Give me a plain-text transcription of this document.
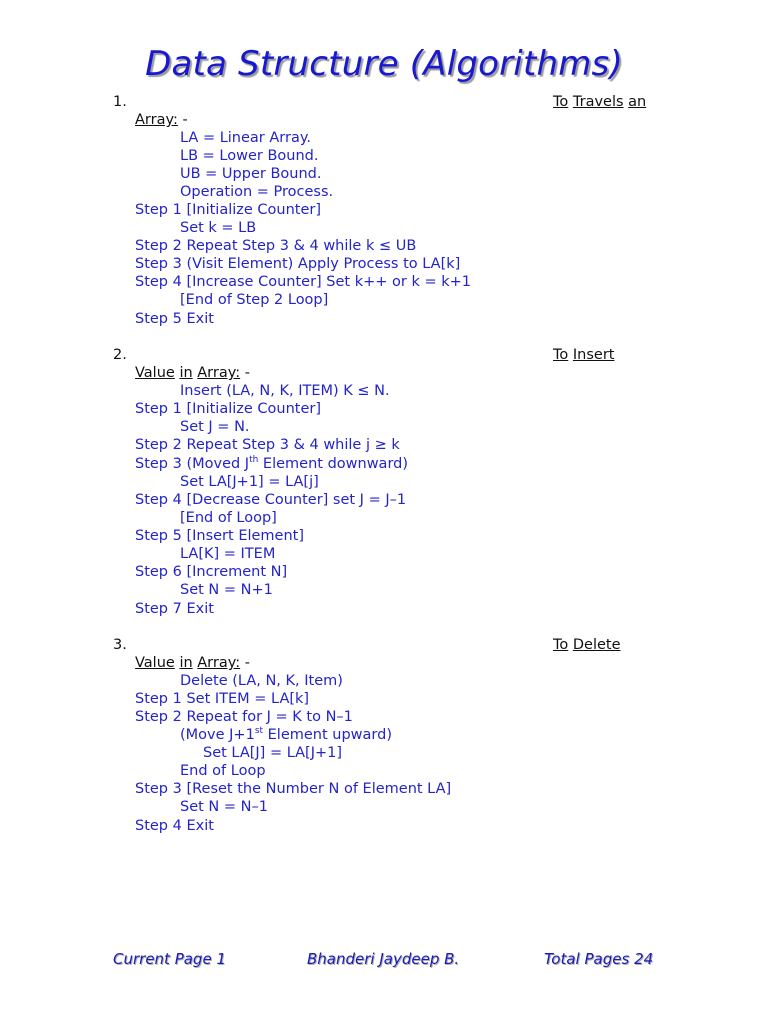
Data Structure (Algorithms)
1.	To Travels an
Array: -
LA = Linear Array.
LB = Lower Bound.
UB = Upper Bound.
Operation = Process.
Step 1 [Initialize Counter]
Set k = LB
Step 2 Repeat Step 3 & 4 while k ≤ UB
Step 3 (Visit Element) Apply Process to LA[k]
Step 4 [Increase Counter] Set k++ or k = k+1
[End of Step 2 Loop]
Step 5 Exit
2.	To Insert
Value in Array: -
Insert (LA, N, K, ITEM) K ≤ N.
Step 1 [Initialize Counter]
Set J = N.
Step 2 Repeat Step 3 & 4 while j ≥ k
Step 3 (Moved $J^{th}$ Element downward)
Set LA[J+1] = LA[j]
Step 4 [Decrease Counter] set J = J–1
[End of Loop]
Step 5 [Insert Element]
LA[K] = ITEM
Step 6 [Increment N]
Set N = N+1
Step 7 Exit
3.	To Delete
Value in Array: -
Delete (LA, N, K, Item)
Step 1 Set ITEM = LA[k]
Step 2 Repeat for J = K to N–1
(Move J+1st Element upward)
Set LA[J] = LA[J+1]
End of Loop
Step 3 [Reset the Number N of Element LA]
Set N = N–1
Step 4 Exit
Current Page 1	Bhanderi Jaydeep B.	Total Pages 24
